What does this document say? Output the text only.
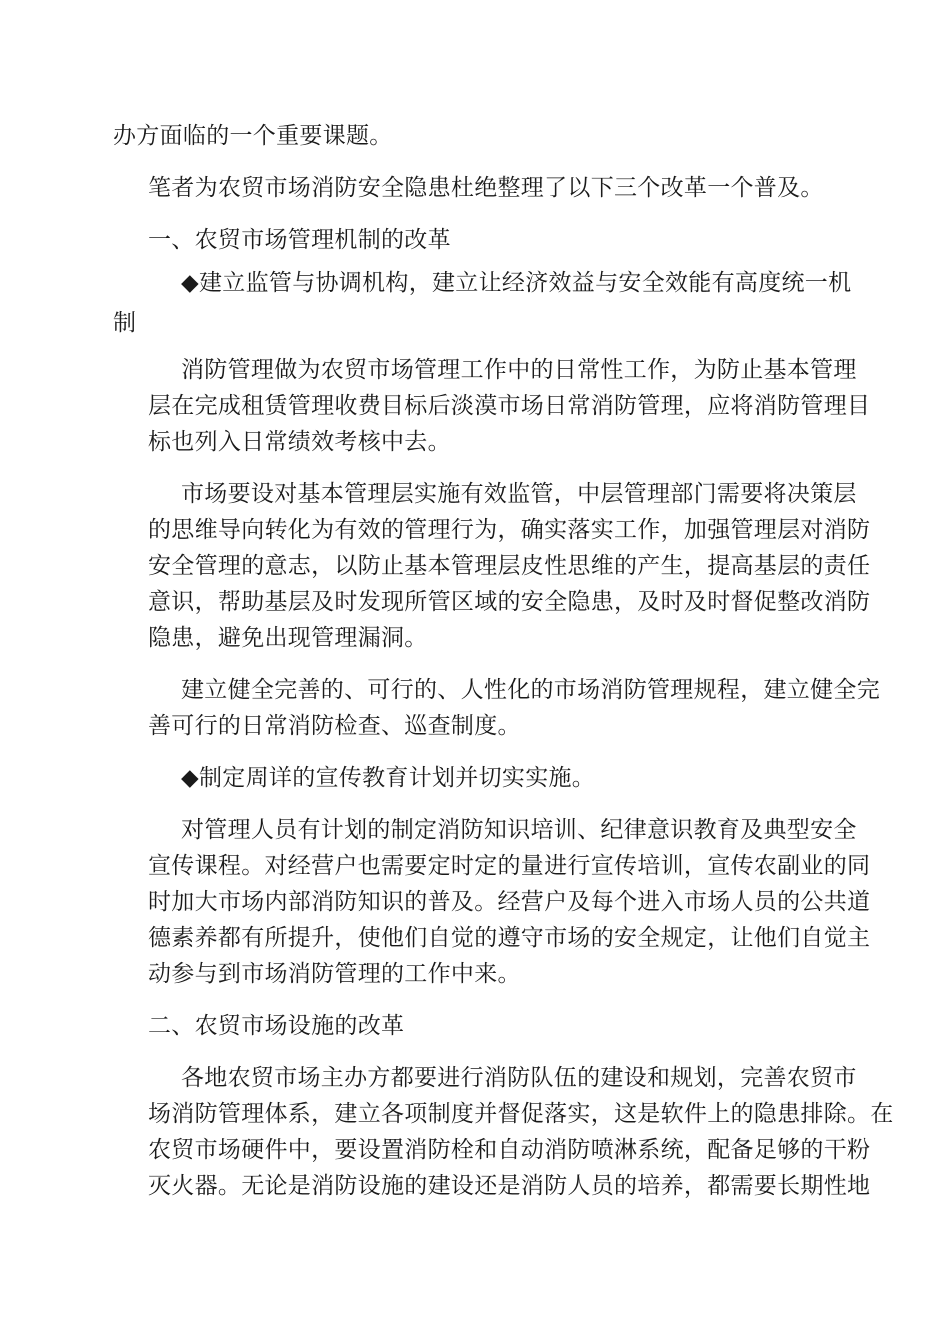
办方面临的一个重要课题。
笔者为农贸市场消防安全隐患杜绝整理了以下三个改革一个普及。
一、农贸市场管理机制的改革
◆建立监管与协调机构，建立让经济效益与安全效能有高度统一机
制
消防管理做为农贸市场管理工作中的日常性工作，为防止基本管理
层在完成租赁管理收费目标后淡漠市场日常消防管理，应将消防管理目
标也列入日常绩效考核中去。
市场要设对基本管理层实施有效监管，中层管理部门需要将决策层
的思维导向转化为有效的管理行为，确实落实工作，加强管理层对消防
安全管理的意志，以防止基本管理层皮性思维的产生，提高基层的责任
意识，帮助基层及时发现所管区域的安全隐患，及时及时督促整改消防
隐患，避免出现管理漏洞。
建立健全完善的、可行的、人性化的市场消防管理规程，建立健全完
善可行的日常消防检查、巡查制度。
◆制定周详的宣传教育计划并切实实施。
对管理人员有计划的制定消防知识培训、纪律意识教育及典型安全
宣传课程。对经营户也需要定时定的量进行宣传培训，宣传农副业的同
时加大市场内部消防知识的普及。经营户及每个进入市场人员的公共道
德素养都有所提升，使他们自觉的遵守市场的安全规定，让他们自觉主
动参与到市场消防管理的工作中来。
二、农贸市场设施的改革
各地农贸市场主办方都要进行消防队伍的建设和规划，完善农贸市
场消防管理体系，建立各项制度并督促落实，这是软件上的隐患排除。在
农贸市场硬件中，要设置消防栓和自动消防喷淋系统，配备足够的干粉
灭火器。无论是消防设施的建设还是消防人员的培养，都需要长期性地
